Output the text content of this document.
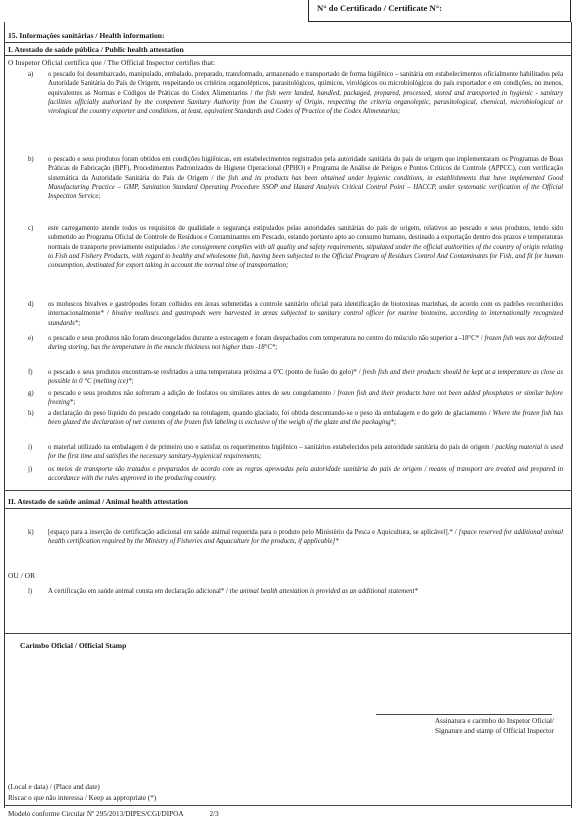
N° do Certificado / Certificate N°:
15. Informações sanitárias / Health information:
I. Atestado de saúde pública / Public health attestation
O Inspetor Oficial certifica que / The Official Inspector certifies that:
a)	o pescado foi desembarcado, manipulado, embalado, preparado, transformado, armazenado e transportado de forma higiênico – sanitária em estabelecimentos oficialmente habilitados pela Autoridade Sanitária do País de Origem, respeitando os critérios organolépticos, parasitológicos, químicos, virológicos ou microbiológicos do país exportador e em condições, no menos, equivalentes as Normas e Códigos de Práticas do Codex Alimentarius / the fish were landed, handled, packaged, prepared, processed, stored and transported in hygienic - sanitary facilities officially authorized by the competent Sanitary Authority from the Country of Origin, respecting the criteria organoleptic, parasitological, chemical, microbiological or virological the country exporter and conditions, at least, equivalent Standards and Codes of Practice of the Codex Alimentarius;
b)	o pescado e seus produtos foram obtidos em condições higiênicas, em estabelecimentos registrados pela autoridade sanitária do país de origem que implementaram os Programas de Boas Práticas de Fabricação (BPF), Procedimentos Padronizados de Higiene Operacional (PPHO) e Programa de Análise de Perigos e Pontos Críticos de Controle (APPCC), com verificação sistemática da Autoridade Sanitária do País de Origem / the fish and its products has been obtained under hygienic conditions, in establishments that have implemented Good Manufacturing Practice – GMP, Sanitation Standard Operating Procedure SSOP and Hazard Analysis Critical Control Point – HACCP, under systematic verification of the Official Inspection Service;
c)	este carregamento atende todos os requisitos de qualidade e segurança estipulados pelas autoridades sanitárias do país de origem, relativos ao pescado e seus produtos, tendo sido submetido ao Programa Oficial de Controle de Resíduos e Contaminantes em Pescado, estando portanto apto ao consumo humano, destinado a exportação dentro dos prazos e temperaturas normais de transporte previamente estipulados / the consignment complies with all quality and safety requirements, stipulated under the official authorities of the country of origin relating to Fish and Fishery Products, with regard to healthy and wholesome fish, having been subjected to the Official Program of Residues Control And Contaminants for Fish, and fit for human consumption, destinated for export taking in account the normal time of transportation;
d)	os moluscos bivalves e gastrópodes foram colhidos em áreas submetidas a controle sanitário oficial para identificação de biotoxinas marinhas, de acordo com os padrões reconhecidos internacionalmente* / bivalve molluscs and gastropods were harvested in areas subjected to sanitary control officer for marine biotoxins, according to internationally recognized standards*;
e)	o pescado e seus produtos não foram descongelados durante a estocagem e foram despachados com temperatura no centro do músculo não superior a -18°C* / frozen fish was not defrosted during storing, has the temperature in the muscle thickness not higher than -18°C*;
f)	o pescado e seus produtos encontram-se resfriados a uma temperatura próxima a 0ºC (ponto de fusão do gelo)* / fresh fish and their products should be kept at a temperature as close as possible to 0 °C (melting ice)*;
g)	o pescado e seus produtos não sofreram a adição de fosfatos ou similares antes de seu congelamento / frozen fish and their products have not been added phosphates or similar before freezing*;
h)	a declaração do peso líquido do pescado congelado na rotulagem, quando glaciado, foi obtida descontando-se o peso da embalagem e do gelo de glaciamento / Where the frozen fish has been glazed the declaration of net contents of the frozen fish labeling is exclusive of the weigh of the glaze and the packaging*;
i)	o material utilizado na embalagem é de primeiro uso e satisfaz os requerimentos higiênico – sanitários estabelecidos pela autoridade sanitária do país de origem / packing material is used for the first time and satisfies the necessary sanitary-hygienical requirements;
j)	os meios de transporte são tratados e preparados de acordo com as regras aprovadas pela autoridade sanitária do país de origem / means of transport are treated and prepared in accordance with the rules approved in the producing country.
II. Atestado de saúde animal / Animal health attestation
k)	[espaço para a inserção de certificação adicional em saúde animal requerida para o produto pelo Ministério da Pesca e Aquicultura, se aplicável].* / [space reserved for additional animal health certification required by the Ministry of Fisheries and Aquaculture for the products, if applicable]*
OU / OR
l)	A certificação em saúde animal consta em declaração adicional* / the animal health attestation is provided as an additional statement*
Carimbo Oficial / Official Stamp
Assinatura e carimbo do Inspetor Oficial/
Signature and stamp of Official Inspector
(Local e data) / (Place and date)
Riscar o que não interessa / Keep as appropriate (*)
Modelo conforme Circular Nº 295/2013/DIPES/CGI/DIPOA	2/3
